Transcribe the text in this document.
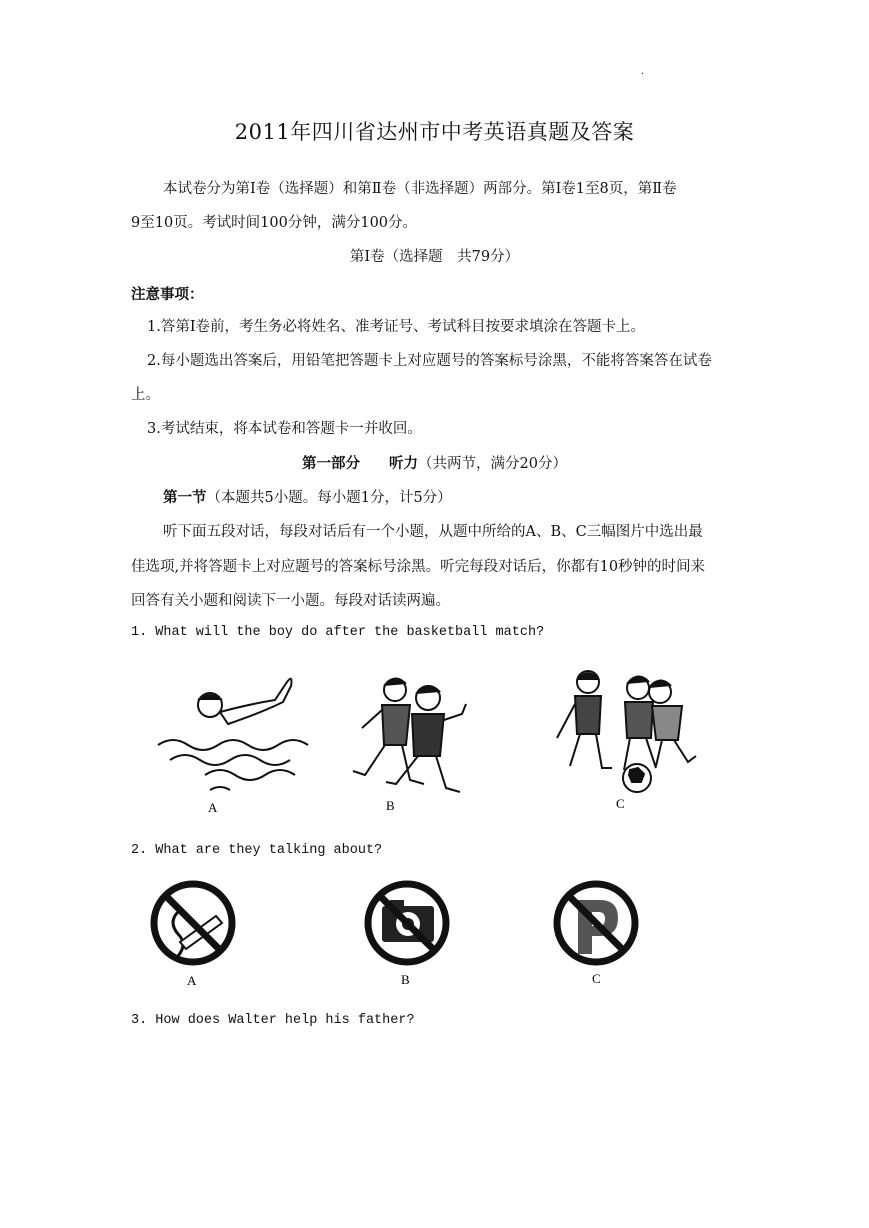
·
2011年四川省达州市中考英语真题及答案
本试卷分为第Ⅰ卷（选择题）和第Ⅱ卷（非选择题）两部分。第Ⅰ卷1至8页，第Ⅱ卷
9至10页。考试时间100分钟，满分100分。
第Ⅰ卷（选择题　共79分）
注意事项：
1.答第Ⅰ卷前，考生务必将姓名、准考证号、考试科目按要求填涂在答题卡上。
2.每小题选出答案后，用铅笔把答题卡上对应题号的答案标号涂黑，不能将答案答在试卷
上。
3.考试结束，将本试卷和答题卡一并收回。
第一部分　　听力（共两节，满分20分）
第一节（本题共5小题。每小题1分，计5分）
听下面五段对话，每段对话后有一个小题，从题中所给的A、B、C三幅图片中选出最
佳选项,并将答题卡上对应题号的答案标号涂黑。听完每段对话后，你都有10秒钟的时间来
回答有关小题和阅读下一小题。每段对话读两遍。
1. What will the boy do after the basketball match?
A	B	C
2. What are they talking about?
A	B	C
3. How does Walter help his father?
